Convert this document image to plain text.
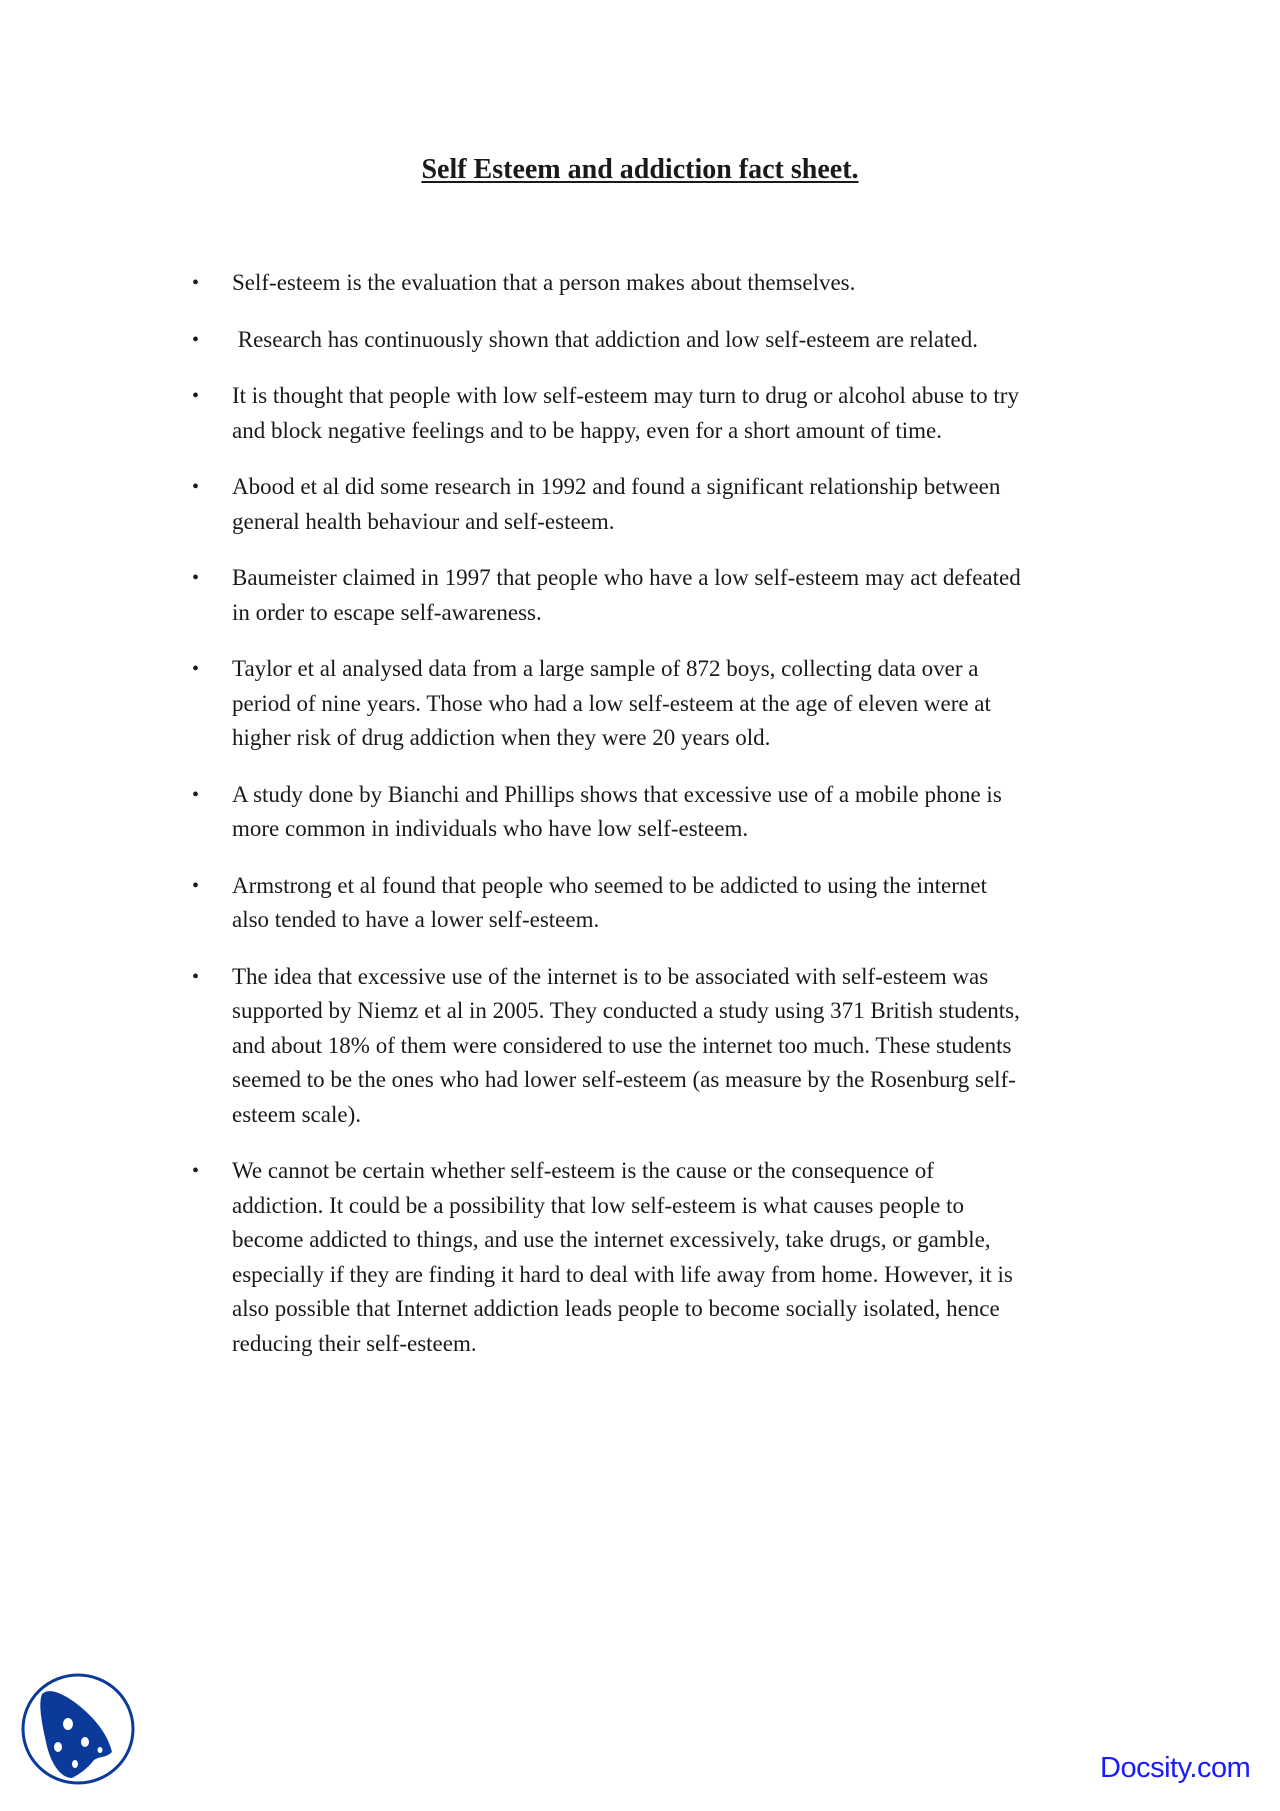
Self Esteem and addiction fact sheet.
• Self-esteem is the evaluation that a person makes about themselves.
• Research has continuously shown that addiction and low self-esteem are related.
• It is thought that people with low self-esteem may turn to drug or alcohol abuse to try
and block negative feelings and to be happy, even for a short amount of time.
• Abood et al did some research in 1992 and found a significant relationship between
general health behaviour and self-esteem.
• Baumeister claimed in 1997 that people who have a low self-esteem may act defeated
in order to escape self-awareness.
• Taylor et al analysed data from a large sample of 872 boys, collecting data over a
period of nine years. Those who had a low self-esteem at the age of eleven were at
higher risk of drug addiction when they were 20 years old.
• A study done by Bianchi and Phillips shows that excessive use of a mobile phone is
more common in individuals who have low self-esteem.
• Armstrong et al found that people who seemed to be addicted to using the internet
also tended to have a lower self-esteem.
• The idea that excessive use of the internet is to be associated with self-esteem was
supported by Niemz et al in 2005. They conducted a study using 371 British students,
and about 18% of them were considered to use the internet too much. These students
seemed to be the ones who had lower self-esteem (as measure by the Rosenburg self-
esteem scale).
• We cannot be certain whether self-esteem is the cause or the consequence of
addiction. It could be a possibility that low self-esteem is what causes people to
become addicted to things, and use the internet excessively, take drugs, or gamble,
especially if they are finding it hard to deal with life away from home. However, it is
also possible that Internet addiction leads people to become socially isolated, hence
reducing their self-esteem.
Docsity.com
